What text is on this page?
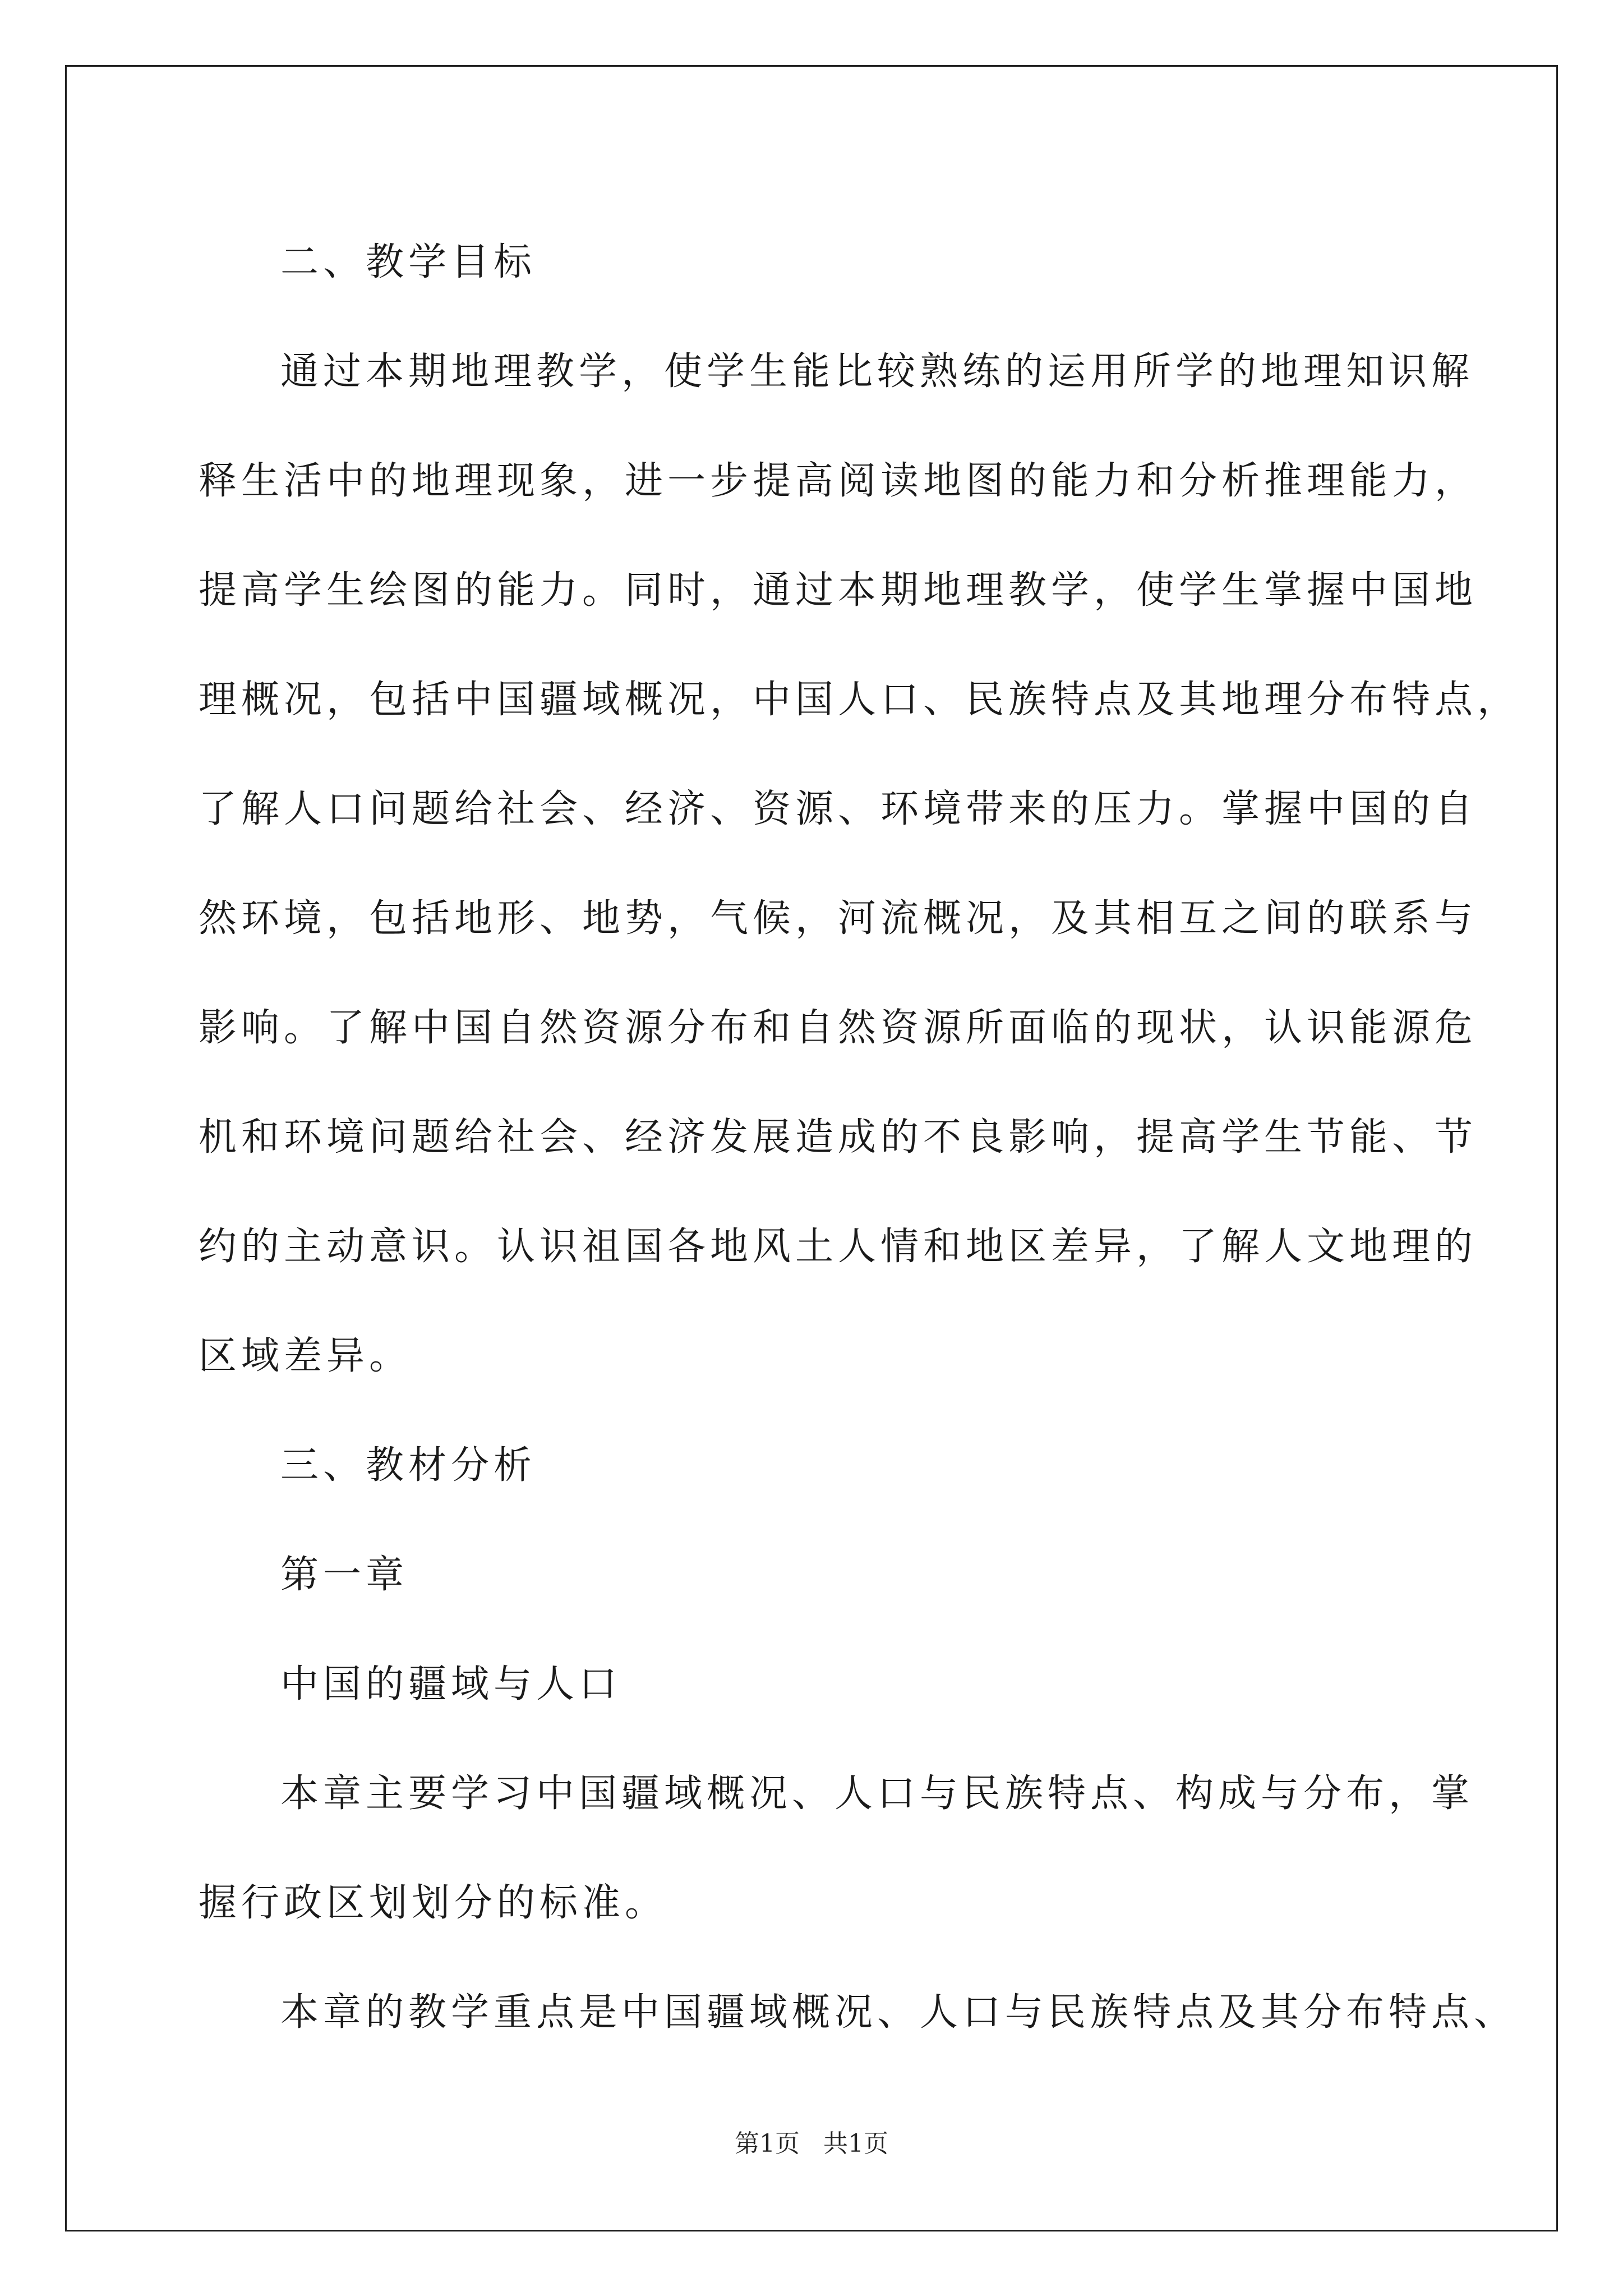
二、教学目标

通过本期地理教学，使学生能比较熟练的运用所学的地理知识解

释生活中的地理现象，进一步提高阅读地图的能力和分析推理能力，

提高学生绘图的能力。同时，通过本期地理教学，使学生掌握中国地

理概况，包括中国疆域概况，中国人口、民族特点及其地理分布特点，

了解人口问题给社会、经济、资源、环境带来的压力。掌握中国的自

然环境，包括地形、地势，气候，河流概况，及其相互之间的联系与

影响。了解中国自然资源分布和自然资源所面临的现状，认识能源危

机和环境问题给社会、经济发展造成的不良影响，提高学生节能、节

约的主动意识。认识祖国各地风土人情和地区差异，了解人文地理的

区域差异。

三、教材分析

第一章

中国的疆域与人口

本章主要学习中国疆域概况、人口与民族特点、构成与分布，掌

握行政区划划分的标准。

本章的教学重点是中国疆域概况、人口与民族特点及其分布特点、

第1页 共1页
